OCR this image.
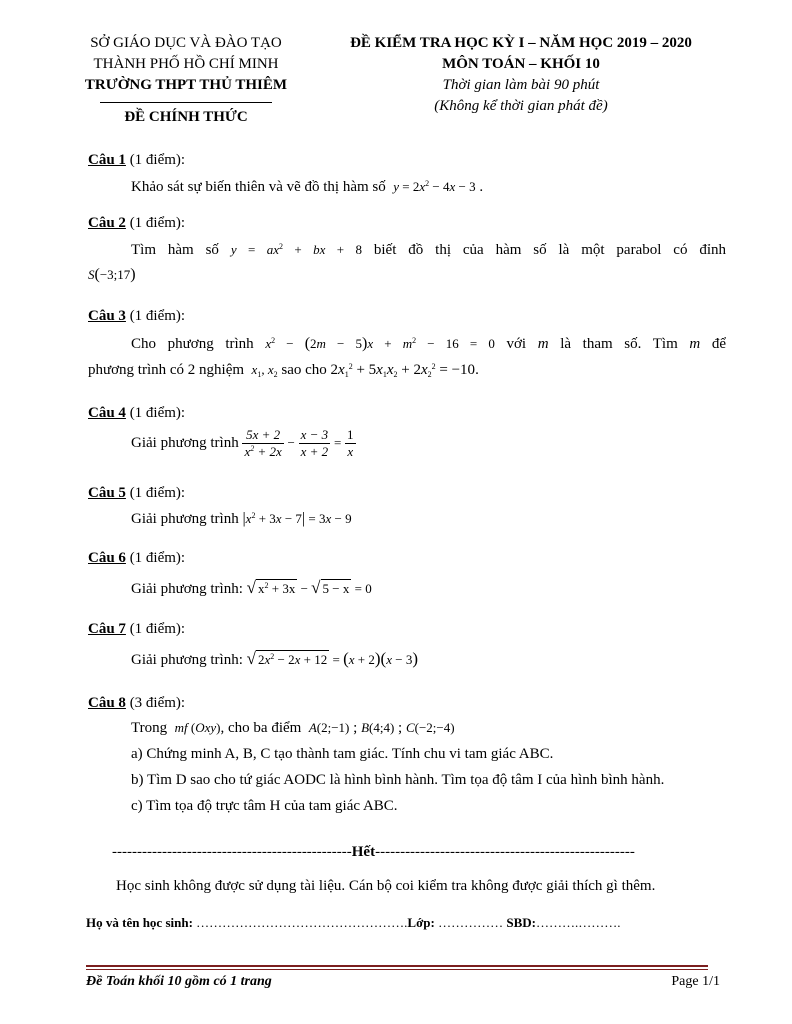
SỞ GIÁO DỤC VÀ ĐÀO TẠO
THÀNH PHỐ HỒ CHÍ MINH
TRƯỜNG THPT THỦ THIÊM
ĐỀ CHÍNH THỨC
ĐỀ KIỂM TRA HỌC KỲ I – NĂM HỌC 2019 – 2020
MÔN TOÁN – KHỐI 10
Thời gian làm bài 90 phút
(Không kể thời gian phát đề)
Câu 1 (1 điểm):
Khảo sát sự biến thiên và vẽ đồ thị hàm số $y = 2x^2 - 4x - 3$ .
Câu 2 (1 điểm):
Tìm hàm số $y = ax^2$ + bx + 8 biết đồ thị của hàm số là một parabol có đỉnh
S(−3;17)
Câu 3 (1 điểm):
Cho phương trình $x^2 - (2m - 5)x + m^2 - 16 = 0$ với m là tham số. Tìm m để
phương trình có 2 nghiệm $x_1$, $x_2$ sao cho $2x_1^2 + 5x_1x_2 + 2x_2^2 = -10$.
Câu 4 (1 điểm):
Giải phương trình $\frac{5x + 2}{x^2 + 2x} - \frac{x - 3}{x + 2} = \frac{1}{x}$
Câu 5 (1 điểm):
Giải phương trình $|x^2 + 3x - 7| = 3x - 9$
Câu 6 (1 điểm):
Giải phương trình: √ $x^2 + 3x$ − √ 5 − x = 0
Câu 7 (1 điểm):
Giải phương trình: √ $2x^2 - 2x + 12 = (x + 2)(x - 3)$
Câu 8 (3 điểm):
Trong mf (Oxy), cho ba điểm A(2;−1) ; B(4;4) ; C(−2;−4)
a) Chứng minh A, B, C tạo thành tam giác. Tính chu vi tam giác ABC.
b) Tìm D sao cho tứ giác AODC là hình bình hành. Tìm tọa độ tâm I của hình bình hành.
c) Tìm tọa độ trực tâm H của tam giác ABC.
------------------------------------------------Hết----------------------------------------------------
Học sinh không được sử dụng tài liệu. Cán bộ coi kiểm tra không được giải thích gì thêm.
Họ và tên học sinh: ………………………………………….Lớp: …………… SBD:……….……….
Đề Toán khối 10 gồm có 1 trang	Page 1/1
